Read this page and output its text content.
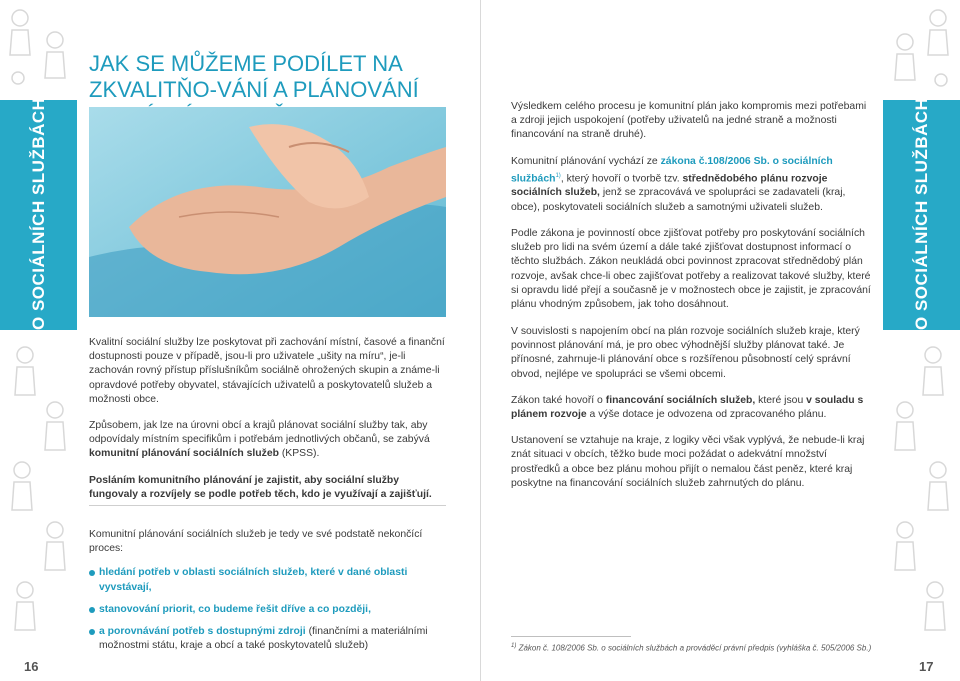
O SOCIÁLNÍCH SLUŽBÁCH	O SOCIÁLNÍCH SLUŽBÁCH
JAK SE MŮŽEME PODÍLET NA ZKVALITŇO-VÁNÍ A PLÁNOVÁNÍ

Kvalitní sociální služby lze poskytovat při zachování místní, časové a finanční dostupnosti pouze v případě, jsou-li pro uživatele „ušity na míru“, je-li zachován rovný přístup příslušníkům sociálně ohrožených skupin a známe-li opravdové potřeby obyvatel, stávajících uživatelů a poskytovatelů služeb a možnosti obce.

Způsobem, jak lze na úrovni obcí a krajů plánovat sociální služby tak, aby odpovídaly místním specifikům i potřebám jednotlivých občanů, se zabývá komunitní plánování sociálních služeb (KPSS).

Posláním komunitního plánování je zajistit, aby sociální služby fungovaly a rozvíjely se podle potřeb těch, kdo je využívají a zajišťují.

Komunitní plánování sociálních služeb je tedy ve své podstatě nekončící proces:

hledání potřeb v oblasti sociálních služeb, které v dané oblasti vyvstávají,
stanovování priorit, co budeme řešit dříve a co později,
a porovnávání potřeb s dostupnými zdroji (finančními a materiálními možnostmi státu, kraje a obcí a také poskytovatelů služeb)
16

Výsledkem celého procesu je komunitní plán jako kompromis mezi potřebami a zdroji jejich uspokojení (potřeby uživatelů na jedné straně a možnosti financování na straně druhé).

Komunitní plánování vychází ze zákona č.108/2006 Sb. o sociálních službách$^{1)}$, který hovoří o tvorbě tzv. střednědobého plánu rozvoje sociálních služeb, jenž se zpracovává ve spolupráci se zadavateli (kraj, obce), poskytovateli sociálních služeb a samotnými uživateli služeb.

Podle zákona je povinností obce zjišťovat potřeby pro poskytování sociálních služeb pro lidi na svém území a dále také zjišťovat dostupnost informací o těchto službách. Zákon neukládá obci povinnost zpracovat střednědobý plán rozvoje, avšak chce-li obec zajišťovat potřeby a realizovat takové služby, které si opravdu lidé přejí a současně je v možnostech obce je zajistit, je zpracování plánu vhodným způsobem, jak toho dosáhnout.

V souvislosti s napojením obcí na plán rozvoje sociálních služeb kraje, který povinnost plánování má, je pro obec výhodnější služby plánovat také. Je přínosné, zahrnuje-li plánování obce s rozšířenou působností celý správní obvod, nejlépe ve spolupráci se všemi obcemi.

Zákon také hovoří o financování sociálních služeb, které jsou v souladu s plánem rozvoje a výše dotace je odvozena od zpracovaného plánu.

Ustanovení se vztahuje na kraje, z logiky věci však vyplývá, že nebude-li kraj znát situaci v obcích, těžko bude moci požádat o adekvátní množství prostředků a obce bez plánu mohou přijít o nemalou část peněz, které kraj poskytne na financování sociálních služeb zahrnutých do plánu.

$^{1)}$ Zákon č. 108/2006 Sb. o sociálních službách a prováděcí právní předpis (vyhláška č. 505/2006 Sb.)
17
